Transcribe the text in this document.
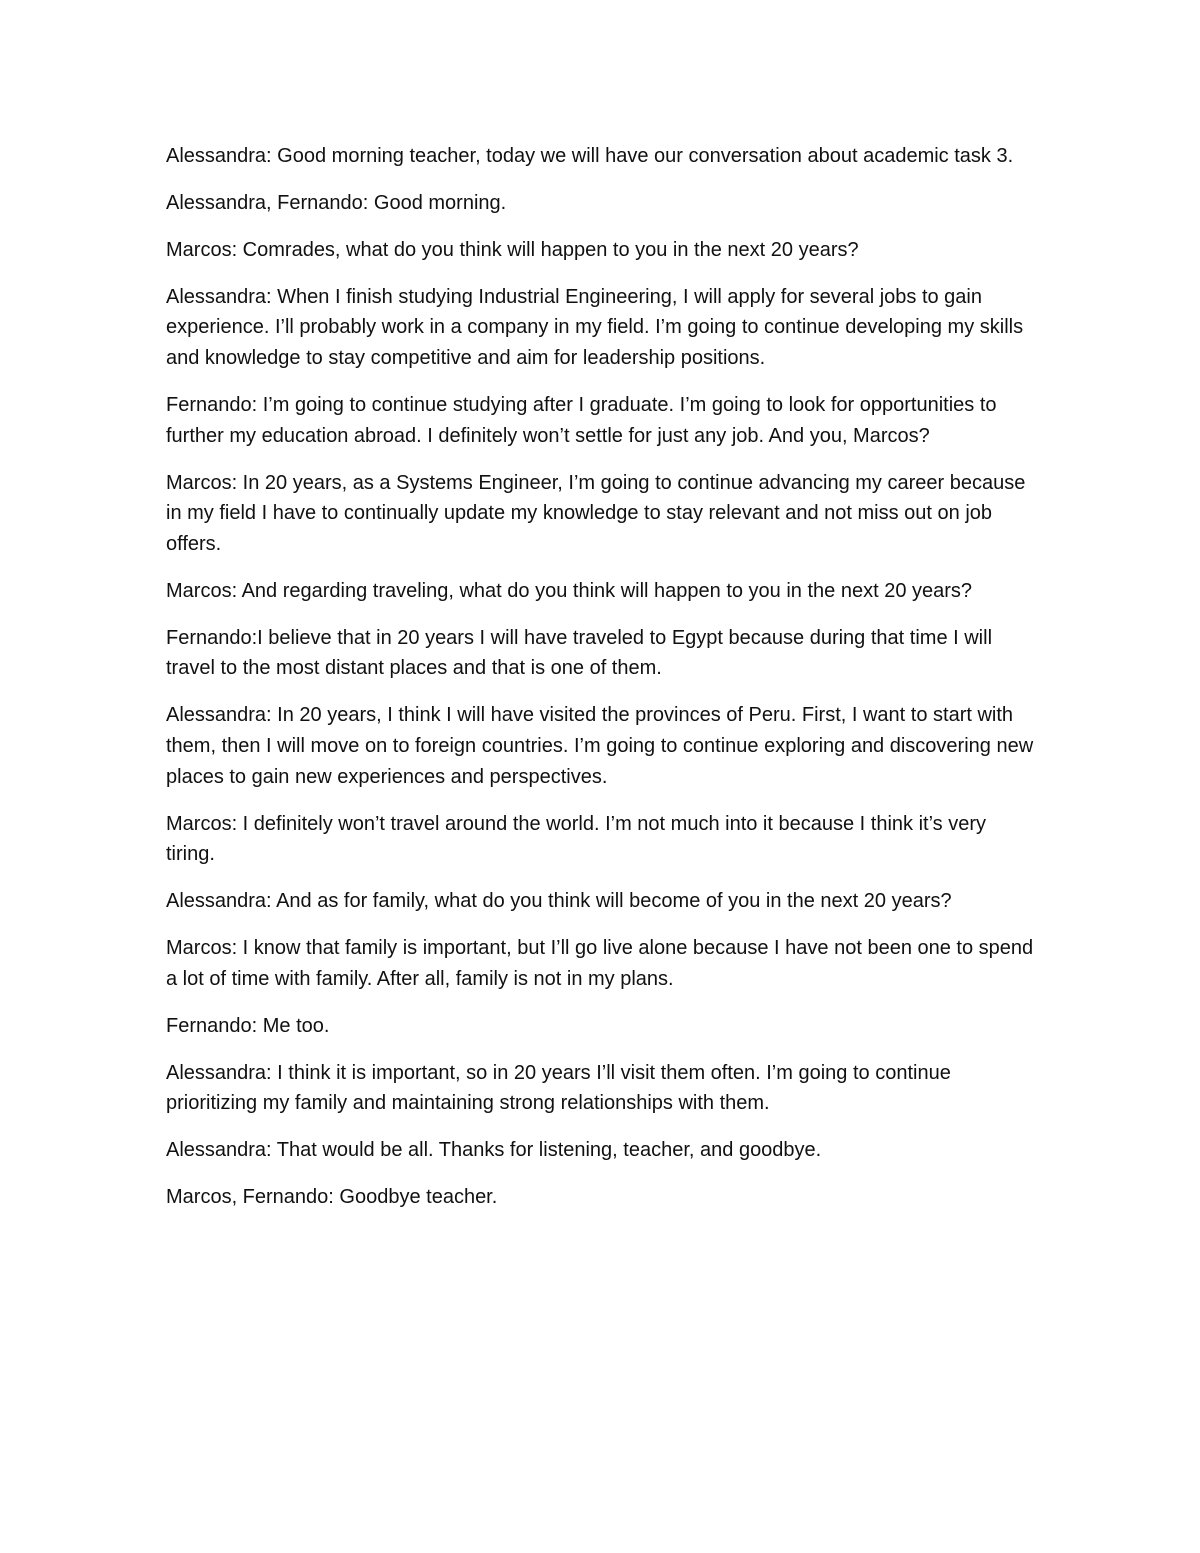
Alessandra: Good morning teacher, today we will have our conversation about academic task 3.

Alessandra, Fernando: Good morning.

Marcos: Comrades, what do you think will happen to you in the next 20 years?

Alessandra: When I finish studying Industrial Engineering, I will apply for several jobs to gain experience. I’ll probably work in a company in my field. I’m going to continue developing my skills and knowledge to stay competitive and aim for leadership positions.

Fernando: I’m going to continue studying after I graduate. I’m going to look for opportunities to further my education abroad. I definitely won’t settle for just any job. And you, Marcos?

Marcos: In 20 years, as a Systems Engineer, I’m going to continue advancing my career because in my field I have to continually update my knowledge to stay relevant and not miss out on job offers.

Marcos: And regarding traveling, what do you think will happen to you in the next 20 years?

Fernando:I believe that in 20 years I will have traveled to Egypt because during that time I will travel to the most distant places and that is one of them.

Alessandra: In 20 years, I think I will have visited the provinces of Peru. First, I want to start with them, then I will move on to foreign countries. I’m going to continue exploring and discovering new places to gain new experiences and perspectives.

Marcos: I definitely won’t travel around the world. I’m not much into it because I think it’s very tiring.

Alessandra: And as for family, what do you think will become of you in the next 20 years?

Marcos: I know that family is important, but I’ll go live alone because I have not been one to spend a lot of time with family. After all, family is not in my plans.

Fernando: Me too.

Alessandra: I think it is important, so in 20 years I’ll visit them often. I’m going to continue prioritizing my family and maintaining strong relationships with them.

Alessandra: That would be all. Thanks for listening, teacher, and goodbye.

Marcos, Fernando: Goodbye teacher.
